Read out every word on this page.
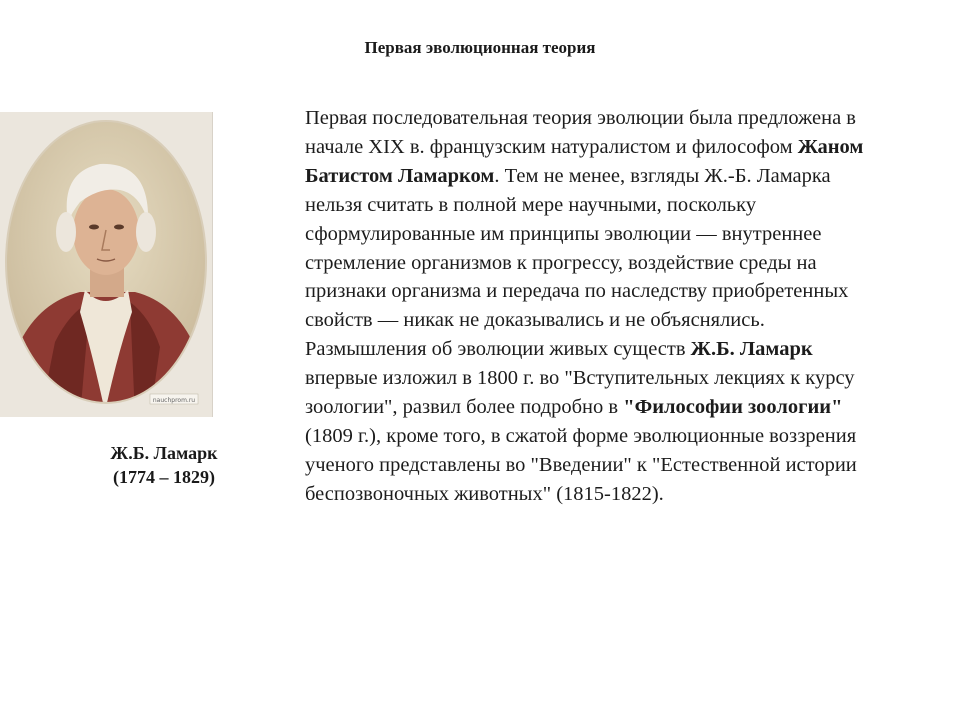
Первая эволюционная теория
nauchprom.ru
Ж.Б. Ламарк
(1774 – 1829)
Первая последовательная теория эволюции была предложена в начале XIX в. французским натуралистом и философом Жаном Батистом Ламарком. Тем не менее, взгляды Ж.-Б. Ламарка нельзя считать в полной мере научными, поскольку сформулированные им принципы эволюции — внутреннее стремление организмов к прогрессу, воздействие среды на признаки организма и передача по наследству приобретенных свойств — никак не доказывались и не объяснялись. Размышления об эволюции живых существ Ж.Б. Ламарк впервые изложил в 1800 г. во "Вступительных лекциях к курсу зоологии", развил более подробно в "Философии зоологии" (1809 г.), кроме того, в сжатой форме эволюционные воззрения ученого представлены во "Введении" к "Естественной истории беспозвоночных животных" (1815-1822).
